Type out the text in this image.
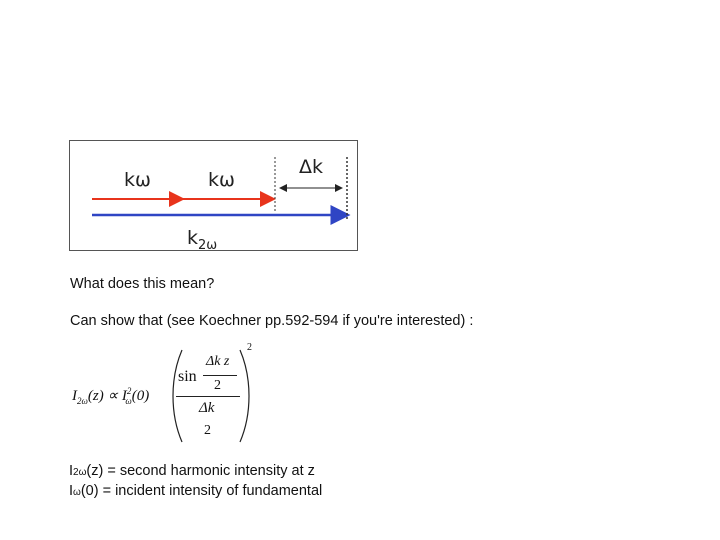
kω	kω
Δk
$k_{2\omega}$
What does this mean?
Can show that (see Koechner pp.592-594 if you're interested) :
$I_{2\omega}(z) \propto I^2_\omega(0)$
sin
Δk z
2
Δk
2
2
I2ω(z) = second harmonic intensity at z
Iω(0) = incident intensity of fundamental
